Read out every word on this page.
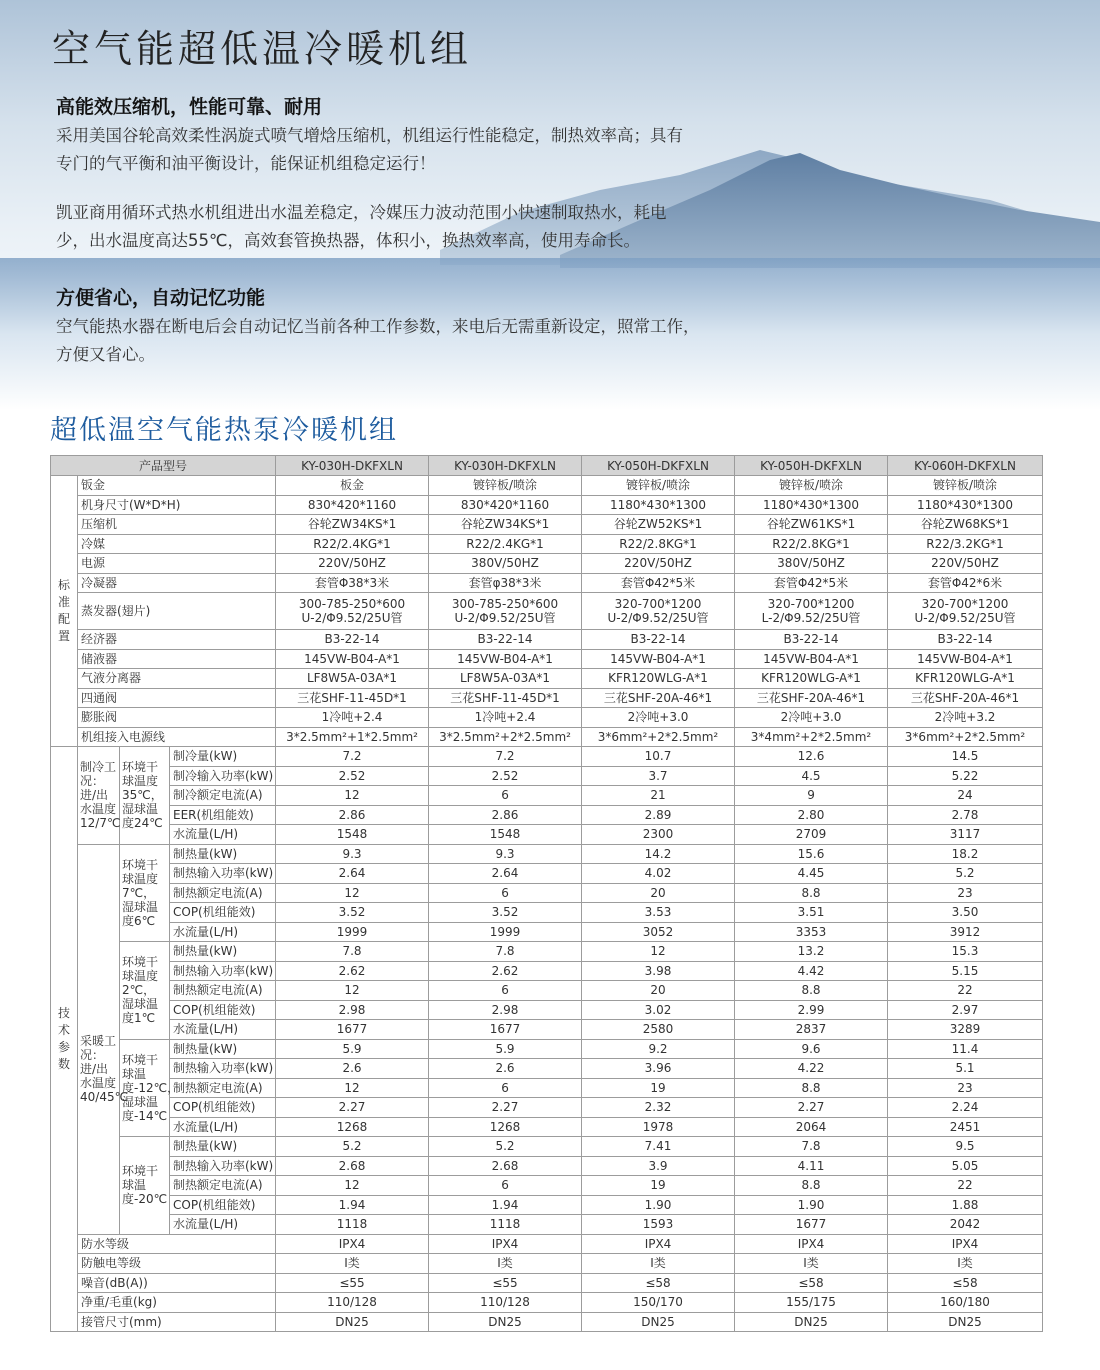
空气能超低温冷暖机组
高能效压缩机，性能可靠、耐用

采用美国谷轮高效柔性涡旋式喷气增焓压缩机，机组运行性能稳定，制热效率高；具有
专门的气平衡和油平衡设计，能保证机组稳定运行！

凯亚商用循环式热水机组进出水温差稳定，冷媒压力波动范围小快速制取热水，耗电
少，出水温度高达55℃，高效套管换热器，体积小，换热效率高，使用寿命长。

方便省心，自动记忆功能

空气能热水器在断电后会自动记忆当前各种工作参数，来电后无需重新设定，照常工作，
方便又省心。

超低温空气能热泵冷暖机组
产品型号				KY-030H-DKFXLN	KY-030H-DKFXLN	KY-050H-DKFXLN	KY-050H-DKFXLN	KY-060H-DKFXLN
标
准
配
置	钣金			板金	镀锌板/喷涂	镀锌板/喷涂	镀锌板/喷涂	镀锌板/喷涂
	机身尺寸(W*D*H)			830*420*1160	830*420*1160	1180*430*1300	1180*430*1300	1180*430*1300
	压缩机			谷轮ZW34KS*1	谷轮ZW34KS*1	谷轮ZW52KS*1	谷轮ZW61KS*1	谷轮ZW68KS*1
	冷媒			R22/2.4KG*1	R22/2.4KG*1	R22/2.8KG*1	R22/2.8KG*1	R22/3.2KG*1
	电源			220V/50HZ	380V/50HZ	220V/50HZ	380V/50HZ	220V/50HZ
	冷凝器			套管Φ38*3米	套管φ38*3米	套管Φ42*5米	套管Φ42*5米	套管Φ42*6米
	蒸发器(翅片)			300-785-250*600
U-2/Φ9.52/25U管	300-785-250*600
U-2/Φ9.52/25U管	320-700*1200
U-2/Φ9.52/25U管	320-700*1200
L-2/Φ9.52/25U管	320-700*1200
U-2/Φ9.52/25U管
	经济器			B3-22-14	B3-22-14	B3-22-14	B3-22-14	B3-22-14
	储液器			145VW-B04-A*1	145VW-B04-A*1	145VW-B04-A*1	145VW-B04-A*1	145VW-B04-A*1
	气液分离器			LF8W5A-03A*1	LF8W5A-03A*1	KFR120WLG-A*1	KFR120WLG-A*1	KFR120WLG-A*1
	四通阀			三花SHF-11-45D*1	三花SHF-11-45D*1	三花SHF-20A-46*1	三花SHF-20A-46*1	三花SHF-20A-46*1
	膨胀阀			1冷吨+2.4	1冷吨+2.4	2冷吨+3.0	2冷吨+3.0	2冷吨+3.2
	机组接入电源线			3*2.5mm²+1*2.5mm²	3*2.5mm²+2*2.5mm²	3*6mm²+2*2.5mm²	3*4mm²+2*2.5mm²	3*6mm²+2*2.5mm²
技
术
参
数	制冷工况：进/出水温度12/7℃	环境干球温度35℃，湿球温度24℃	制冷量(kW)	7.2	7.2	10.7	12.6	14.5
			制冷输入功率(kW)	2.52	2.52	3.7	4.5	5.22
			制冷额定电流(A)	12	6	21	9	24
			EER(机组能效)	2.86	2.86	2.89	2.80	2.78
			水流量(L/H)	1548	1548	2300	2709	3117
	采暖工况：进/出水温度40/45℃	环境干球温度7℃，湿球温度6℃	制热量(kW)	9.3	9.3	14.2	15.6	18.2
			制热输入功率(kW)	2.64	2.64	4.02	4.45	5.2
			制热额定电流(A)	12	6	20	8.8	23
			COP(机组能效)	3.52	3.52	3.53	3.51	3.50
			水流量(L/H)	1999	1999	3052	3353	3912
		环境干球温度2℃，湿球温度1℃	制热量(kW)	7.8	7.8	12	13.2	15.3
			制热输入功率(kW)	2.62	2.62	3.98	4.42	5.15
			制热额定电流(A)	12	6	20	8.8	22
			COP(机组能效)	2.98	2.98	3.02	2.99	2.97
			水流量(L/H)	1677	1677	2580	2837	3289
		环境干球温度-12℃，湿球温度-14℃	制热量(kW)	5.9	5.9	9.2	9.6	11.4
			制热输入功率(kW)	2.6	2.6	3.96	4.22	5.1
			制热额定电流(A)	12	6	19	8.8	23
			COP(机组能效)	2.27	2.27	2.32	2.27	2.24
			水流量(L/H)	1268	1268	1978	2064	2451
		环境干球温度-20℃	制热量(kW)	5.2	5.2	7.41	7.8	9.5
			制热输入功率(kW)	2.68	2.68	3.9	4.11	5.05
			制热额定电流(A)	12	6	19	8.8	22
			COP(机组能效)	1.94	1.94	1.90	1.90	1.88
			水流量(L/H)	1118	1118	1593	1677	2042
	防水等级			IPX4	IPX4	IPX4	IPX4	IPX4
	防触电等级			I类	I类	I类	I类	I类
	噪音(dB(A))			≤55	≤55	≤58	≤58	≤58
	净重/毛重(kg)			110/128	110/128	150/170	155/175	160/180
	接管尺寸(mm)			DN25	DN25	DN25	DN25	DN25
